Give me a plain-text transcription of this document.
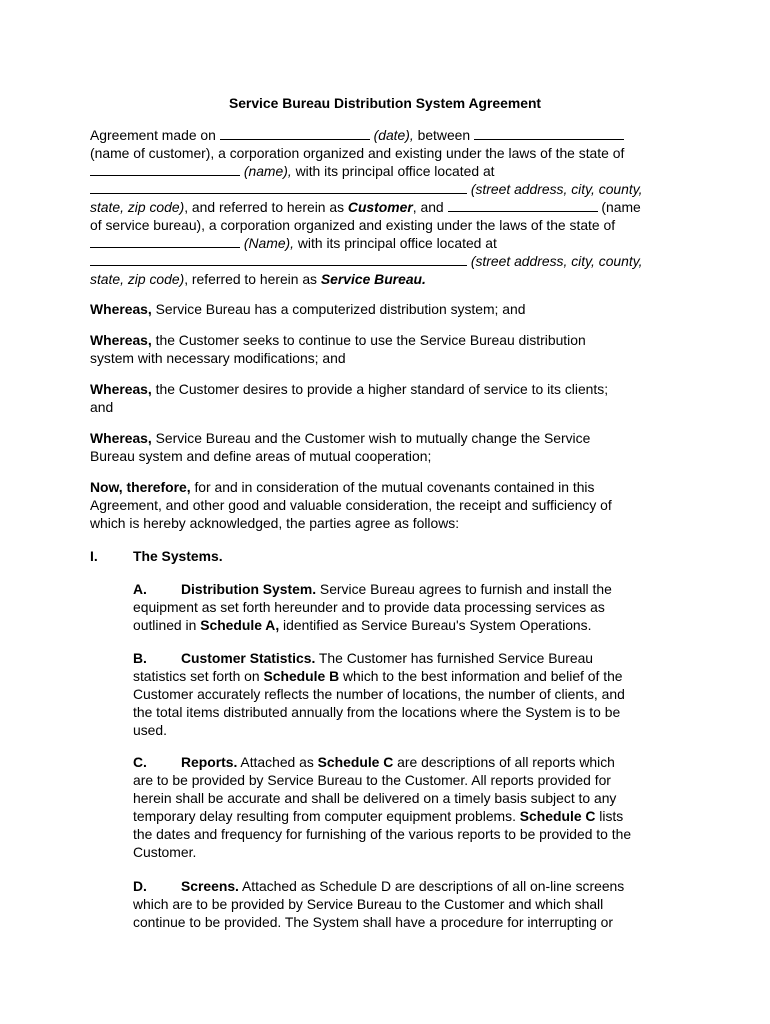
Service Bureau Distribution System Agreement
Agreement made on	(date), between
(name of customer), a corporation organized and existing under the laws of the state of
(name), with its principal office located at
(street address, city, county,
state, zip code), and referred to herein as Customer, and	(name
of service bureau), a corporation organized and existing under the laws of the state of
(Name), with its principal office located at
(street address, city, county,
state, zip code), referred to herein as Service Bureau.
Whereas, Service Bureau has a computerized distribution system; and
Whereas, the Customer seeks to continue to use the Service Bureau distribution
system with necessary modifications; and
Whereas, the Customer desires to provide a higher standard of service to its clients;
and
Whereas, Service Bureau and the Customer wish to mutually change the Service
Bureau system and define areas of mutual cooperation;
Now, therefore, for and in consideration of the mutual covenants contained in this
Agreement, and other good and valuable consideration, the receipt and sufficiency of
which is hereby acknowledged, the parties agree as follows:
I.	The Systems.
A. Distribution System. Service Bureau agrees to furnish and install the
equipment as set forth hereunder and to provide data processing services as
outlined in Schedule A, identified as Service Bureau's System Operations.
B. Customer Statistics. The Customer has furnished Service Bureau
statistics set forth on Schedule B which to the best information and belief of the
Customer accurately reflects the number of locations, the number of clients, and
the total items distributed annually from the locations where the System is to be
used.
C. Reports. Attached as Schedule C are descriptions of all reports which
are to be provided by Service Bureau to the Customer. All reports provided for
herein shall be accurate and shall be delivered on a timely basis subject to any
temporary delay resulting from computer equipment problems. Schedule C lists
the dates and frequency for furnishing of the various reports to be provided to the
Customer.
D. Screens. Attached as Schedule D are descriptions of all on-line screens
which are to be provided by Service Bureau to the Customer and which shall
continue to be provided. The System shall have a procedure for interrupting or
